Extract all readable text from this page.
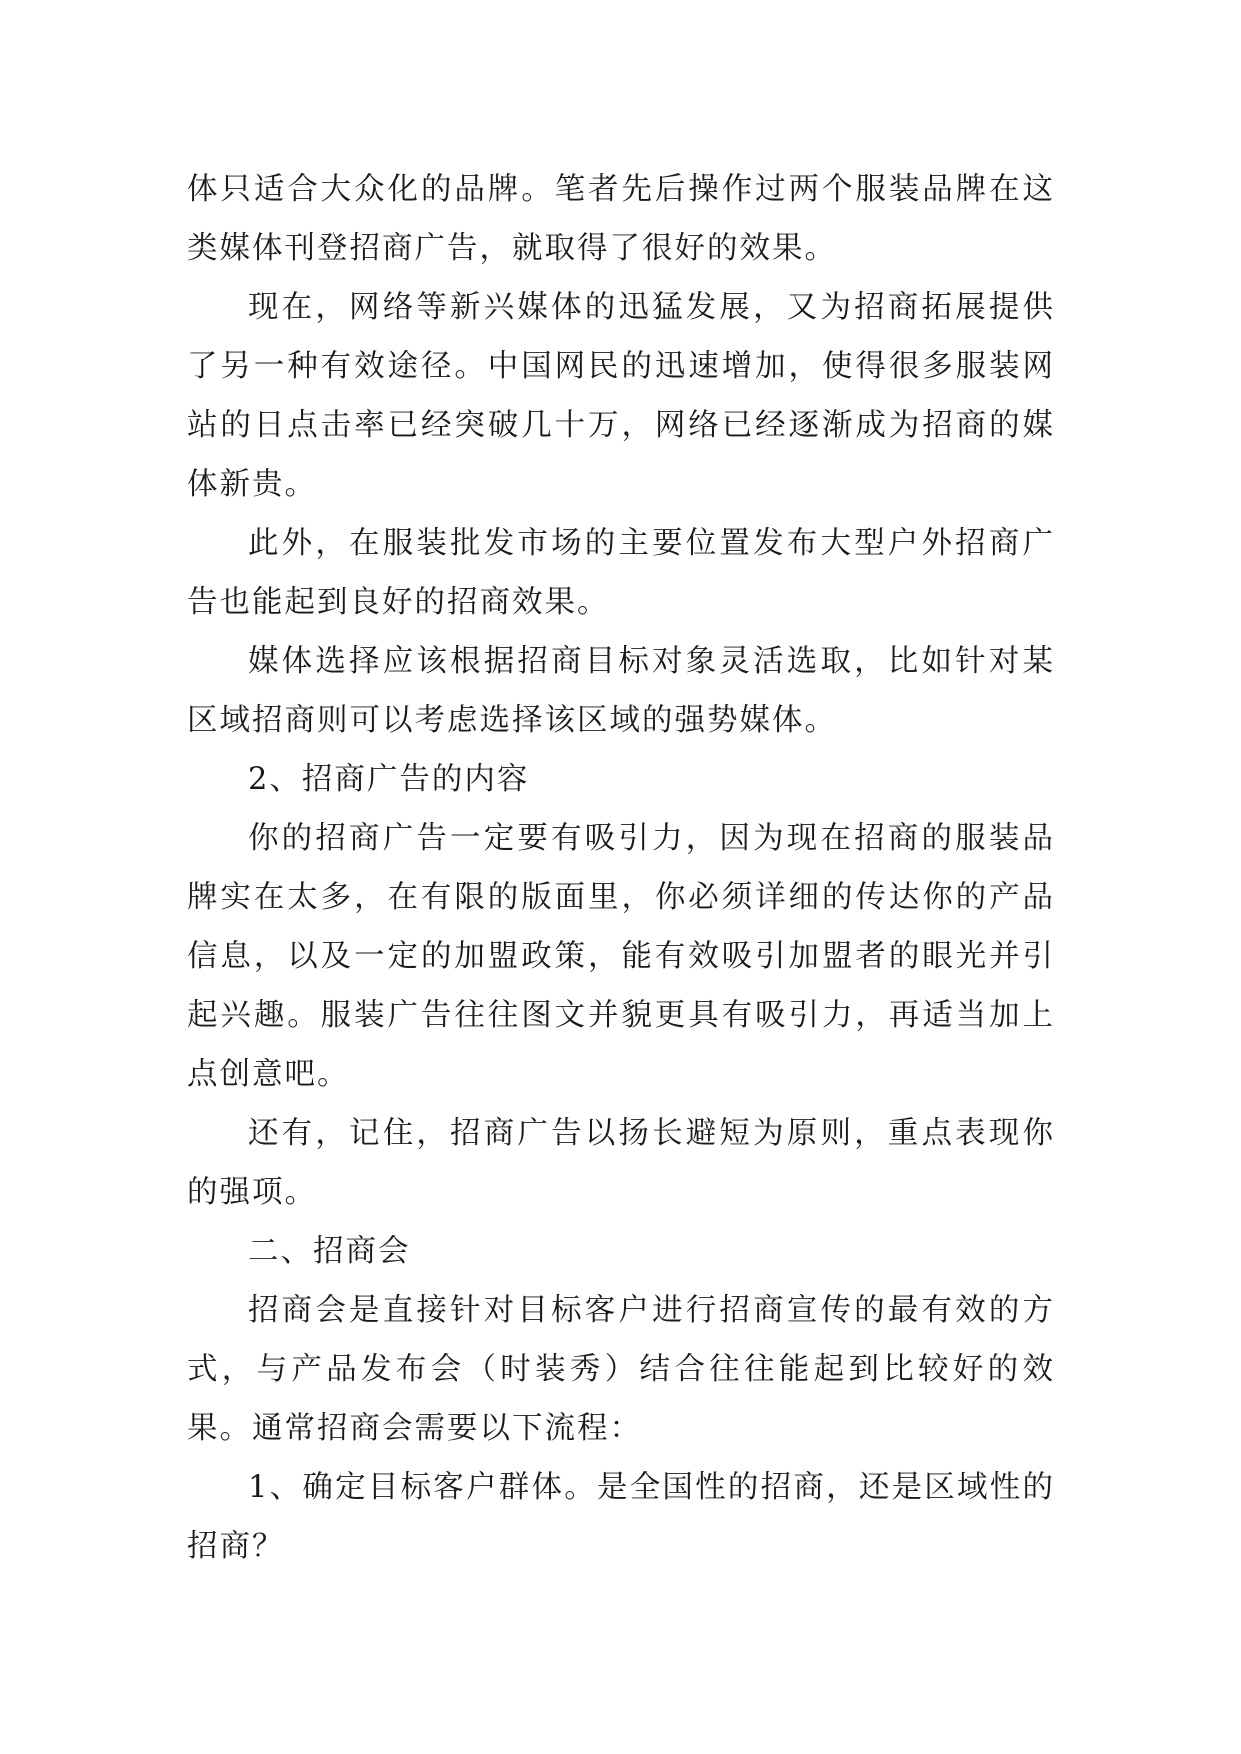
体只适合大众化的品牌。笔者先后操作过两个服装品牌在这类媒体刊登招商广告，就取得了很好的效果。

现在，网络等新兴媒体的迅猛发展，又为招商拓展提供了另一种有效途径。中国网民的迅速增加，使得很多服装网站的日点击率已经突破几十万，网络已经逐渐成为招商的媒体新贵。

此外，在服装批发市场的主要位置发布大型户外招商广告也能起到良好的招商效果。

媒体选择应该根据招商目标对象灵活选取，比如针对某区域招商则可以考虑选择该区域的强势媒体。

2、招商广告的内容

你的招商广告一定要有吸引力，因为现在招商的服装品牌实在太多，在有限的版面里，你必须详细的传达你的产品信息，以及一定的加盟政策，能有效吸引加盟者的眼光并引起兴趣。服装广告往往图文并貌更具有吸引力，再适当加上点创意吧。

还有，记住，招商广告以扬长避短为原则，重点表现你的强项。

二、招商会

招商会是直接针对目标客户进行招商宣传的最有效的方式，与产品发布会（时装秀）结合往往能起到比较好的效果。通常招商会需要以下流程：

1、确定目标客户群体。是全国性的招商，还是区域性的招商？
